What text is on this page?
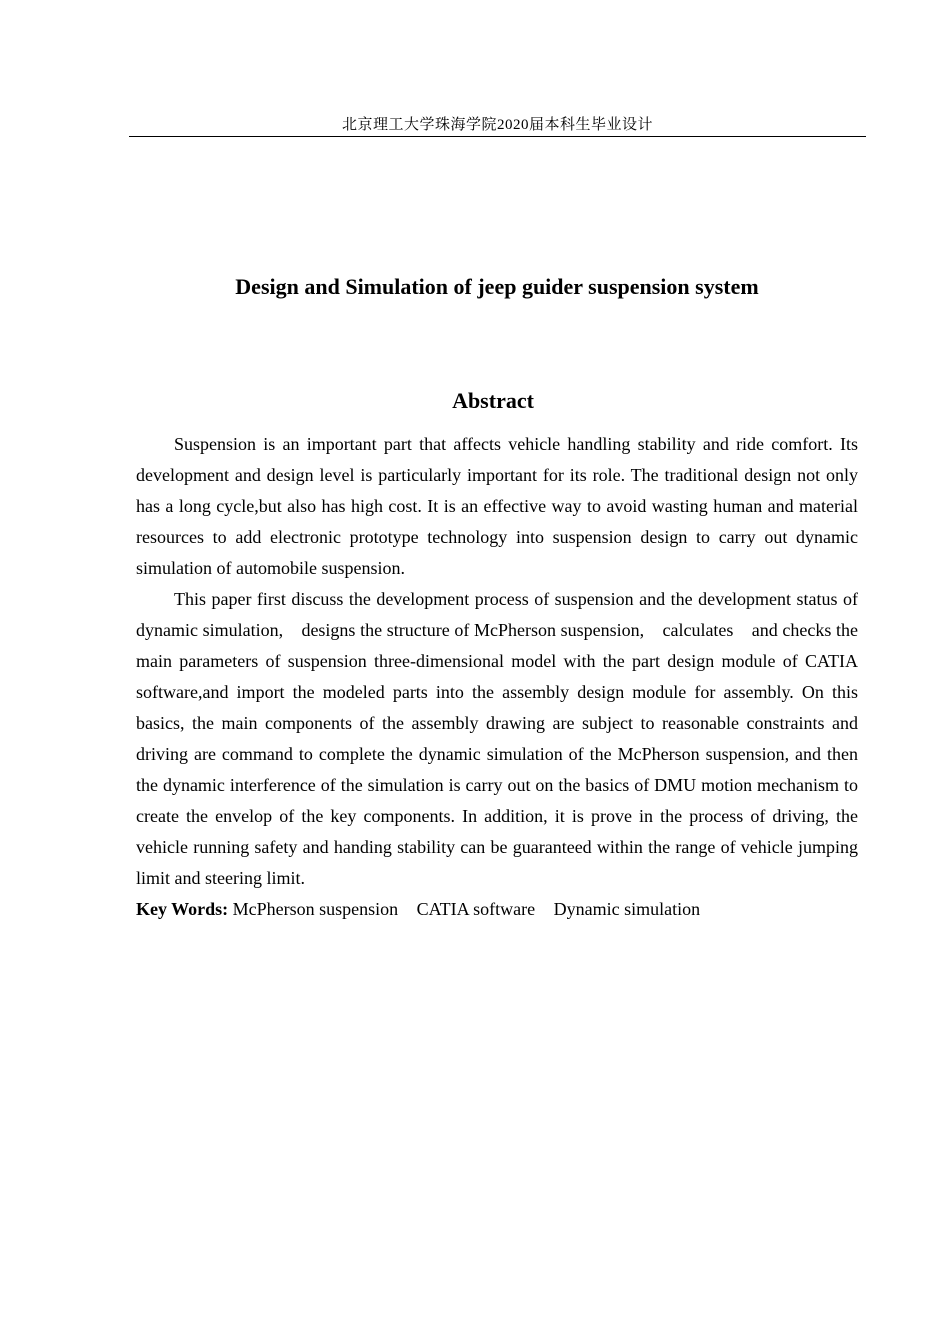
北京理工大学珠海学院2020届本科生毕业设计
Design and Simulation of jeep guider suspension system
Abstract

Suspension is an important part that affects vehicle handling stability and ride comfort. Its development and design level is particularly important for its role. The traditional design not only has a long cycle,but also has high cost. It is an effective way to avoid wasting human and material resources to add electronic prototype technology into suspension design to carry out dynamic simulation of automobile suspension.

This paper first discuss the development process of suspension and the development status of dynamic simulation,　designs the structure of McPherson suspension,　calculates　and checks the main parameters of suspension three-dimensional model with the part design module of CATIA software,and import the modeled parts into the assembly design module for assembly. On this basics, the main components of the assembly drawing are subject to reasonable constraints and driving are command to complete the dynamic simulation of the McPherson suspension, and then the dynamic interference of the simulation is carry out on the basics of DMU motion mechanism to create the envelop of the key components. In addition, it is prove in the process of driving, the vehicle running safety and handing stability can be guaranteed within the range of vehicle jumping limit and steering limit.

Key Words: McPherson suspension CATIA software Dynamic simulation
